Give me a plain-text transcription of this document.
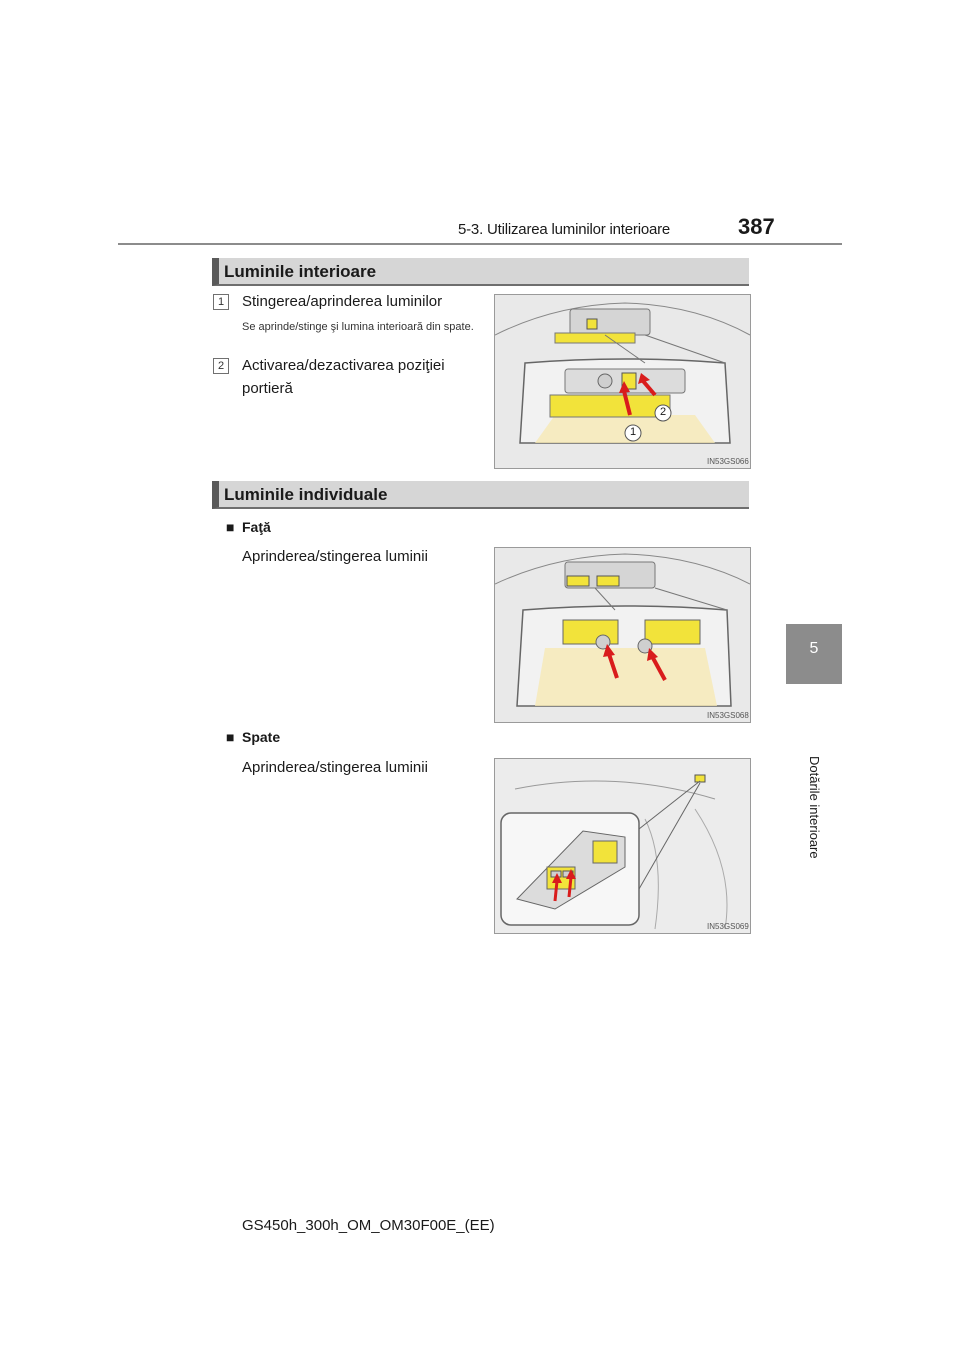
5-3. Utilizarea luminilor interioare	387
5
Dotările interioare
Luminile interioare
1	Stingerea/aprinderea luminilor
Se aprinde/stinge şi lumina interioară din spate.
2	Activarea/dezactivarea poziţiei
portieră
2
1
IN53GS066
Luminile individuale
■ Faţă
Aprinderea/stingerea luminii
IN53GS068
■ Spate
Aprinderea/stingerea luminii
IN53GS069
GS450h_300h_OM_OM30F00E_(EE)
